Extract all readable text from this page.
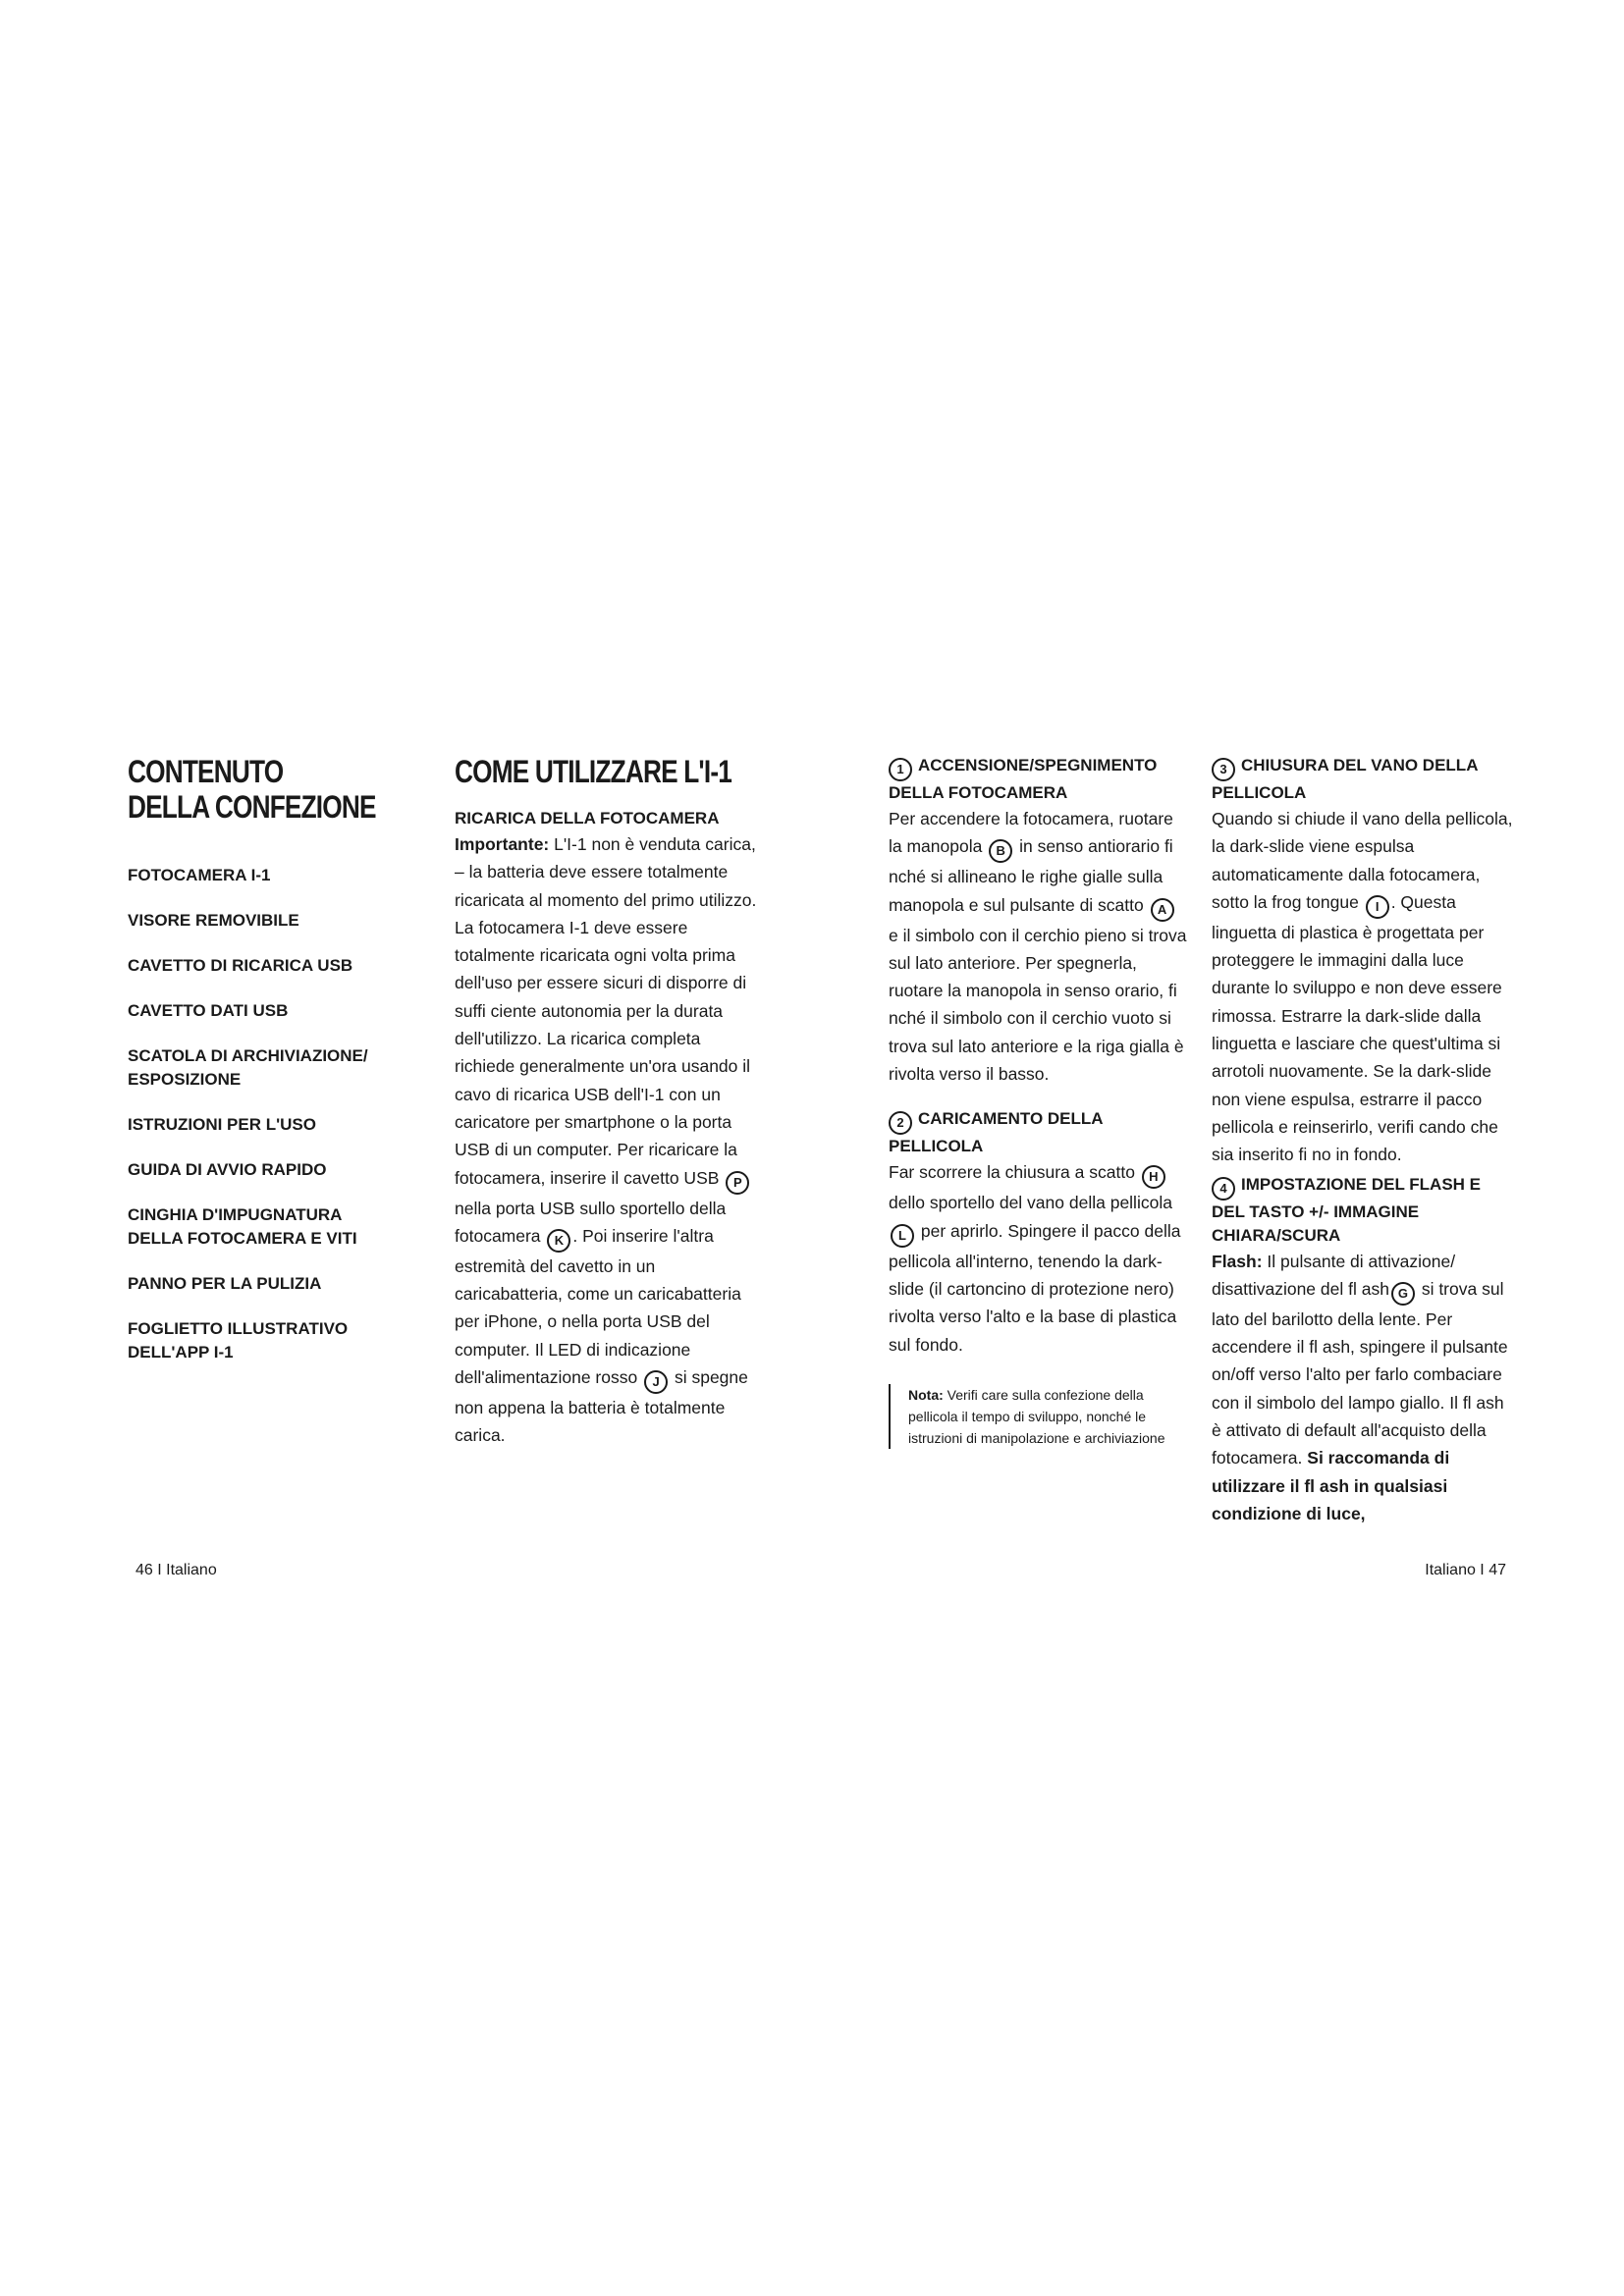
CONTENUTO
DELLA CONFEZIONE
FOTOCAMERA I-1
VISORE REMOVIBILE
CAVETTO DI RICARICA USB
CAVETTO DATI USB
SCATOLA DI ARCHIVIAZIONE/
ESPOSIZIONE
ISTRUZIONI PER L'USO
GUIDA DI AVVIO RAPIDO
CINGHIA D'IMPUGNATURA
DELLA FOTOCAMERA E VITI
PANNO PER LA PULIZIA
FOGLIETTO ILLUSTRATIVO
DELL'APP I-1
COME UTILIZZARE L'I-1
RICARICA DELLA FOTOCAMERA

Importante: L'I-1 non è venduta carica, – la batteria deve essere totalmente ricaricata al momento del primo utilizzo. La fotocamera I-1 deve essere totalmente ricaricata ogni volta prima dell'uso per essere sicuri di disporre di suffi ciente autonomia per la durata dell'utilizzo. La ricarica completa richiede generalmente un'ora usando il cavo di ricarica USB dell'I-1 con un caricatore per smartphone o la porta USB di un computer. Per ricaricare la fotocamera, inserire il cavetto USB P nella porta USB sullo sportello della fotocamera K . Poi inserire l'altra estremità del cavetto in un caricabatteria, come un caricabatteria per iPhone, o nella porta USB del computer. Il LED di indicazione dell'alimentazione rosso J si spegne non appena la batteria è totalmente carica.

1 ACCENSIONE/SPEGNIMENTO DELLA FOTOCAMERA

Per accendere la fotocamera, ruotare la manopola B in senso antiorario fi nché si allineano le righe gialle sulla manopola e sul pulsante di scatto A e il simbolo con il cerchio pieno si trova sul lato anteriore. Per spegnerla, ruotare la manopola in senso orario, fi nché il simbolo con il cerchio vuoto si trova sul lato anteriore e la riga gialla è rivolta verso il basso.

2 CARICAMENTO DELLA PELLICOLA

Far scorrere la chiusura a scatto H dello sportello del vano della pellicola L per aprirlo. Spingere il pacco della pellicola all'interno, tenendo la dark-slide (il cartoncino di protezione nero) rivolta verso l'alto e la base di plastica sul fondo.

Nota: Verifi care sulla confezione della pellicola il tempo di sviluppo, nonché le istruzioni di manipolazione e archiviazione
3 CHIUSURA DEL VANO DELLA PELLICOLA

Quando si chiude il vano della pellicola, la dark-slide viene espulsa automaticamente dalla fotocamera, sotto la frog tongue I . Questa linguetta di plastica è progettata per proteggere le immagini dalla luce durante lo sviluppo e non deve essere rimossa. Estrarre la dark-slide dalla linguetta e lasciare che quest'ultima si arrotoli nuovamente. Se la dark-slide non viene espulsa, estrarre il pacco pellicola e reinserirlo, verifi cando che sia inserito fi no in fondo.

4 IMPOSTAZIONE DEL FLASH E DEL TASTO +/- IMMAGINE CHIARA/SCURA

Flash: Il pulsante di attivazione/ disattivazione del fl ash G si trova sul lato del barilotto della lente. Per accendere il fl ash, spingere il pulsante on/off verso l'alto per farlo combaciare con il simbolo del lampo giallo. Il fl ash è attivato di default all'acquisto della fotocamera. Si raccomanda di utilizzare il fl ash in qualsiasi condizione di luce,

46 I Italiano	Italiano I 47
